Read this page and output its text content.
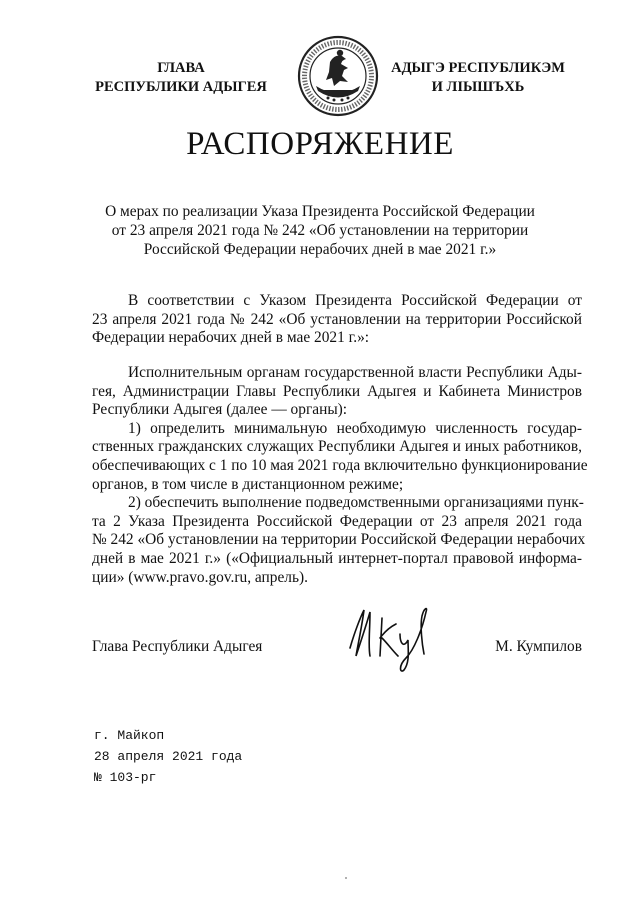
ГЛАВА
РЕСПУБЛИКИ АДЫГЕЯ
АДЫГЭ РЕСПУБЛИКЭМ
И ЛІЫШЪХЬ
РАСПОРЯЖЕНИЕ
О мерах по реализации Указа Президента Российской Федерации
от 23 апреля 2021 года № 242 «Об установлении на территории
Российской Федерации нерабочих дней в мае 2021 г.»
В соответствии с Указом Президента Российской Федерации от
23 апреля 2021 года № 242 «Об установлении на территории Российской
Федерации нерабочих дней в мае 2021 г.»:
Исполнительным органам государственной власти Республики Ады-
гея, Администрации Главы Республики Адыгея и Кабинета Министров
Республики Адыгея (далее — органы):
1) определить минимальную необходимую численность государ-
ственных гражданских служащих Республики Адыгея и иных работников,
обеспечивающих с 1 по 10 мая 2021 года включительно функционирование
органов, в том числе в дистанционном режиме;
2) обеспечить выполнение подведомственными организациями пунк-
та 2 Указа Президента Российской Федерации от 23 апреля 2021 года
№ 242 «Об установлении на территории Российской Федерации нерабочих
дней в мае 2021 г.» («Официальный интернет-портал правовой информа-
ции» (www.pravo.gov.ru, апрель).
Глава Республики Адыгея	М. Кумпилов
г. Майкоп
28 апреля 2021 года
№ 103-рг
